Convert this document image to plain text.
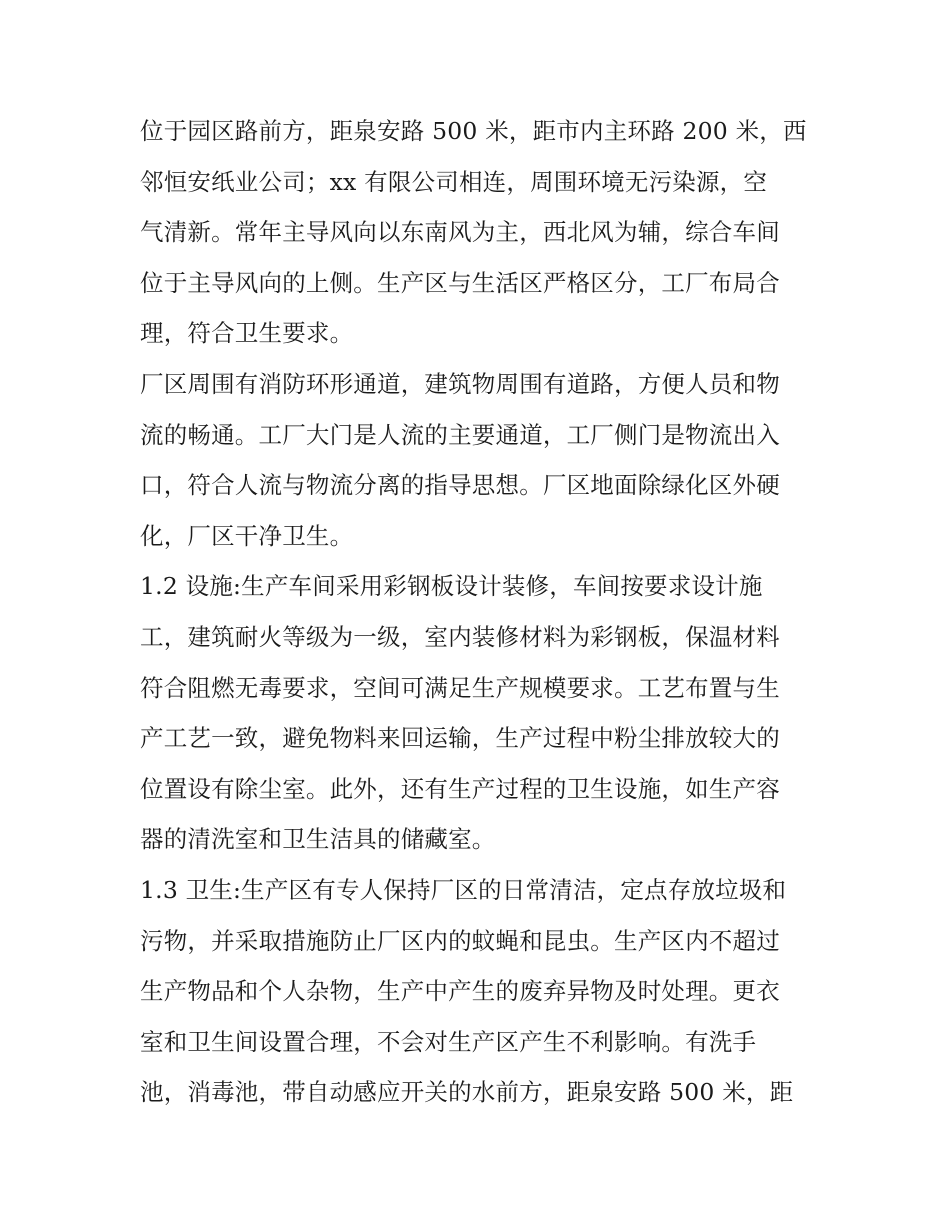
位于园区路前方，距泉安路 500 米，距市内主环路 200 米，西
邻恒安纸业公司；xx 有限公司相连，周围环境无污染源，空
气清新。常年主导风向以东南风为主，西北风为辅，综合车间
位于主导风向的上侧。生产区与生活区严格区分，工厂布局合
理，符合卫生要求。
厂区周围有消防环形通道，建筑物周围有道路，方便人员和物
流的畅通。工厂大门是人流的主要通道，工厂侧门是物流出入
口，符合人流与物流分离的指导思想。厂区地面除绿化区外硬
化，厂区干净卫生。
1.2 设施:生产车间采用彩钢板设计装修，车间按要求设计施
工，建筑耐火等级为一级，室内装修材料为彩钢板，保温材料
符合阻燃无毒要求，空间可满足生产规模要求。工艺布置与生
产工艺一致，避免物料来回运输，生产过程中粉尘排放较大的
位置设有除尘室。此外，还有生产过程的卫生设施，如生产容
器的清洗室和卫生洁具的储藏室。
1.3 卫生:生产区有专人保持厂区的日常清洁，定点存放垃圾和
污物，并采取措施防止厂区内的蚊蝇和昆虫。生产区内不超过
生产物品和个人杂物，生产中产生的废弃异物及时处理。更衣
室和卫生间设置合理，不会对生产区产生不利影响。有洗手
池，消毒池，带自动感应开关的水前方，距泉安路 500 米，距
